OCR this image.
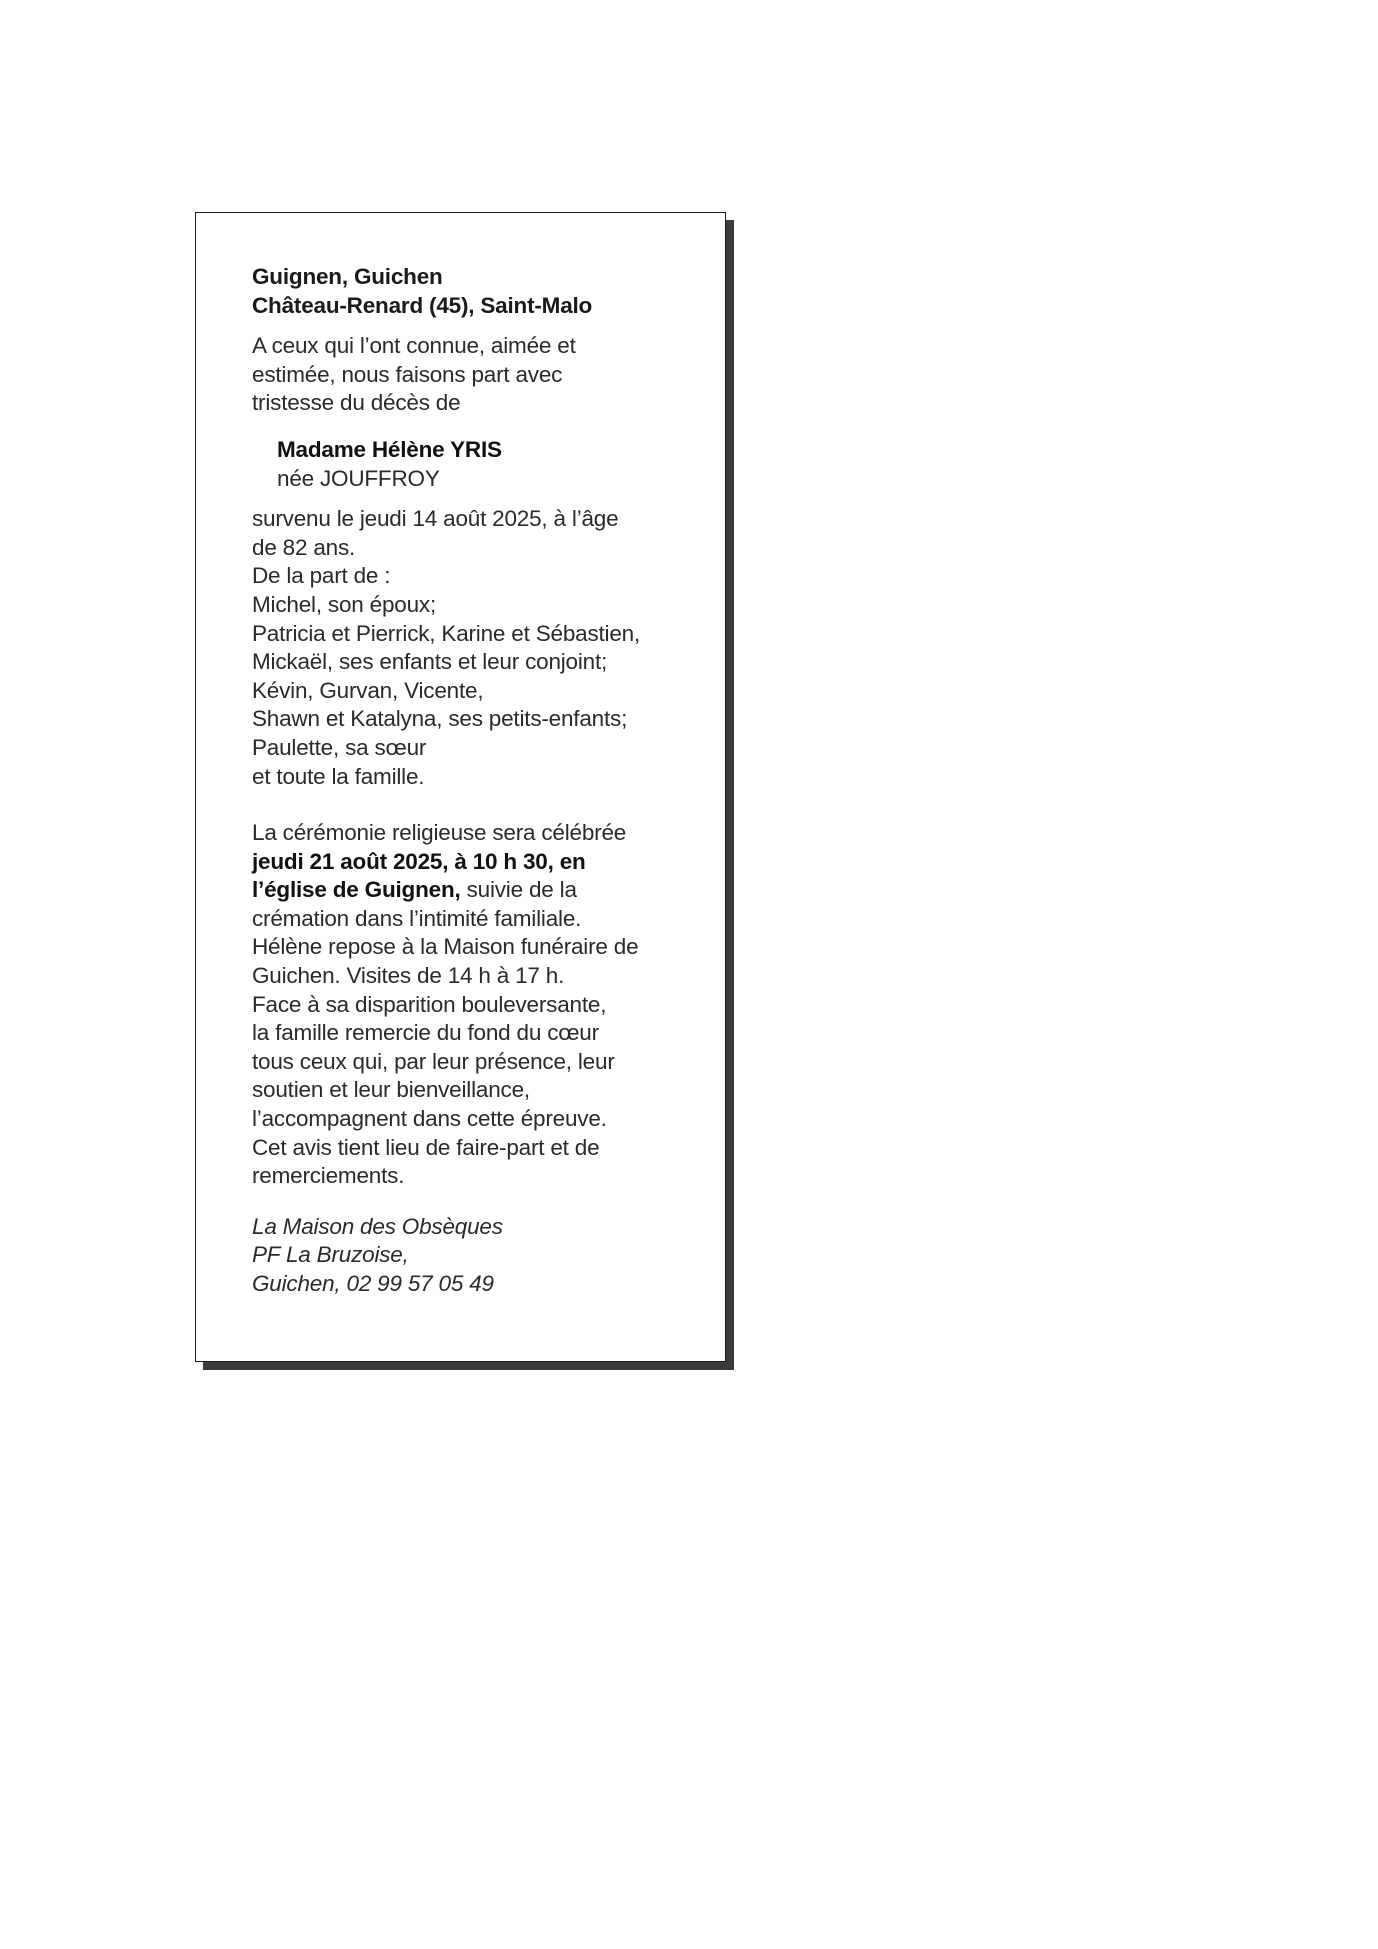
Guignen, Guichen
Château-Renard (45), Saint-Malo
A ceux qui l’ont connue, aimée et
estimée, nous faisons part avec
tristesse du décès de
Madame Hélène YRIS
née JOUFFROY
survenu le jeudi 14 août 2025, à l’âge
de 82 ans.
De la part de :
Michel, son époux;
Patricia et Pierrick, Karine et Sébastien,
Mickaël, ses enfants et leur conjoint;
Kévin, Gurvan, Vicente,
Shawn et Katalyna, ses petits-enfants;
Paulette, sa sœur
et toute la famille.
La cérémonie religieuse sera célébrée
jeudi 21 août 2025, à 10 h 30, en
l’église de Guignen, suivie de la
crémation dans l’intimité familiale.
Hélène repose à la Maison funéraire de
Guichen. Visites de 14 h à 17 h.
Face à sa disparition bouleversante,
la famille remercie du fond du cœur
tous ceux qui, par leur présence, leur
soutien et leur bienveillance,
l’accompagnent dans cette épreuve.
Cet avis tient lieu de faire-part et de
remerciements.
La Maison des Obsèques
PF La Bruzoise,
Guichen, 02 99 57 05 49
